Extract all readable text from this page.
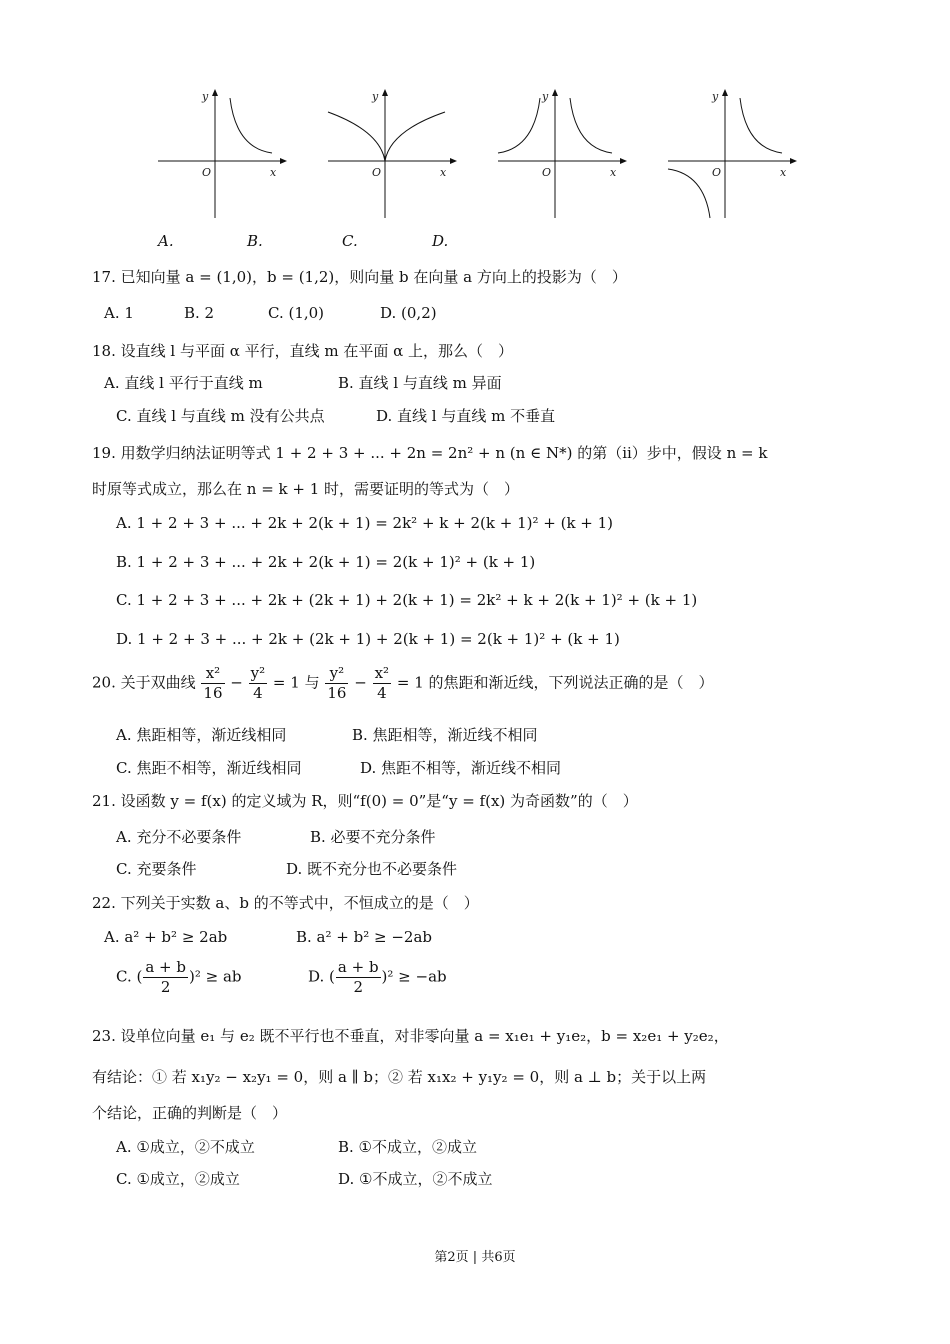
y
O	x
y
O	x
y
O	x
y
O	x
A.	B.	C.	D.
17. 已知向量 a = (1,0)，b = (1,2)，则向量 b 在向量 a 方向上的投影为（　）
A. 1	B. 2	C. (1,0)	D. (0,2)
18. 设直线 l 与平面 α 平行，直线 m 在平面 α 上，那么（　）
A. 直线 l 平行于直线 m	B. 直线 l 与直线 m 异面
C. 直线 l 与直线 m 没有公共点	D. 直线 l 与直线 m 不垂直
19. 用数学归纳法证明等式 1 + 2 + 3 + ... + 2n = 2n² + n (n ∈ N*) 的第（ii）步中，假设 n = k
时原等式成立，那么在 n = k + 1 时，需要证明的等式为（　）
A. 1 + 2 + 3 + ... + 2k + 2(k + 1) = 2k² + k + 2(k + 1)² + (k + 1)
B. 1 + 2 + 3 + ... + 2k + 2(k + 1) = 2(k + 1)² + (k + 1)
C. 1 + 2 + 3 + ... + 2k + (2k + 1) + 2(k + 1) = 2k² + k + 2(k + 1)² + (k + 1)
D. 1 + 2 + 3 + ... + 2k + (2k + 1) + 2(k + 1) = 2(k + 1)² + (k + 1)
20. 关于双曲线 $\frac{\text{x²}}{16} - \frac{\text{y²}}{4} = 1$ 与 $\frac{\text{y²}}{16} - \frac{\text{x²}}{4} = 1$ 的焦距和渐近线，下列说法正确的是（　）
A. 焦距相等，渐近线相同	B. 焦距相等，渐近线不相同
C. 焦距不相等，渐近线相同	D. 焦距不相等，渐近线不相同
21. 设函数 y = f(x) 的定义域为 R，则“f(0) = 0”是“y = f(x) 为奇函数”的（　）
A. 充分不必要条件	B. 必要不充分条件
C. 充要条件	D. 既不充分也不必要条件
22. 下列关于实数 a、b 的不等式中，不恒成立的是（　）
A. a² + b² ≥ 2ab	B. a² + b² ≥ −2ab
C. ( $\frac{a + b}{2} )^2$ ≥ ab	D. ( $\frac{a + b}{2} )^2 \ge -ab$
23. 设单位向量 e₁ 与 e₂ 既不平行也不垂直，对非零向量 a = x₁e₁ + y₁e₂，b = x₂e₁ + y₂e₂，
有结论：① 若 x₁y₂ − x₂y₁ = 0，则 a ∥ b；② 若 x₁x₂ + y₁y₂ = 0，则 a ⊥ b；关于以上两
个结论，正确的判断是（　）
A. ①成立，②不成立	B. ①不成立，②成立
C. ①成立，②成立	D. ①不成立，②不成立
第2页 | 共6页
